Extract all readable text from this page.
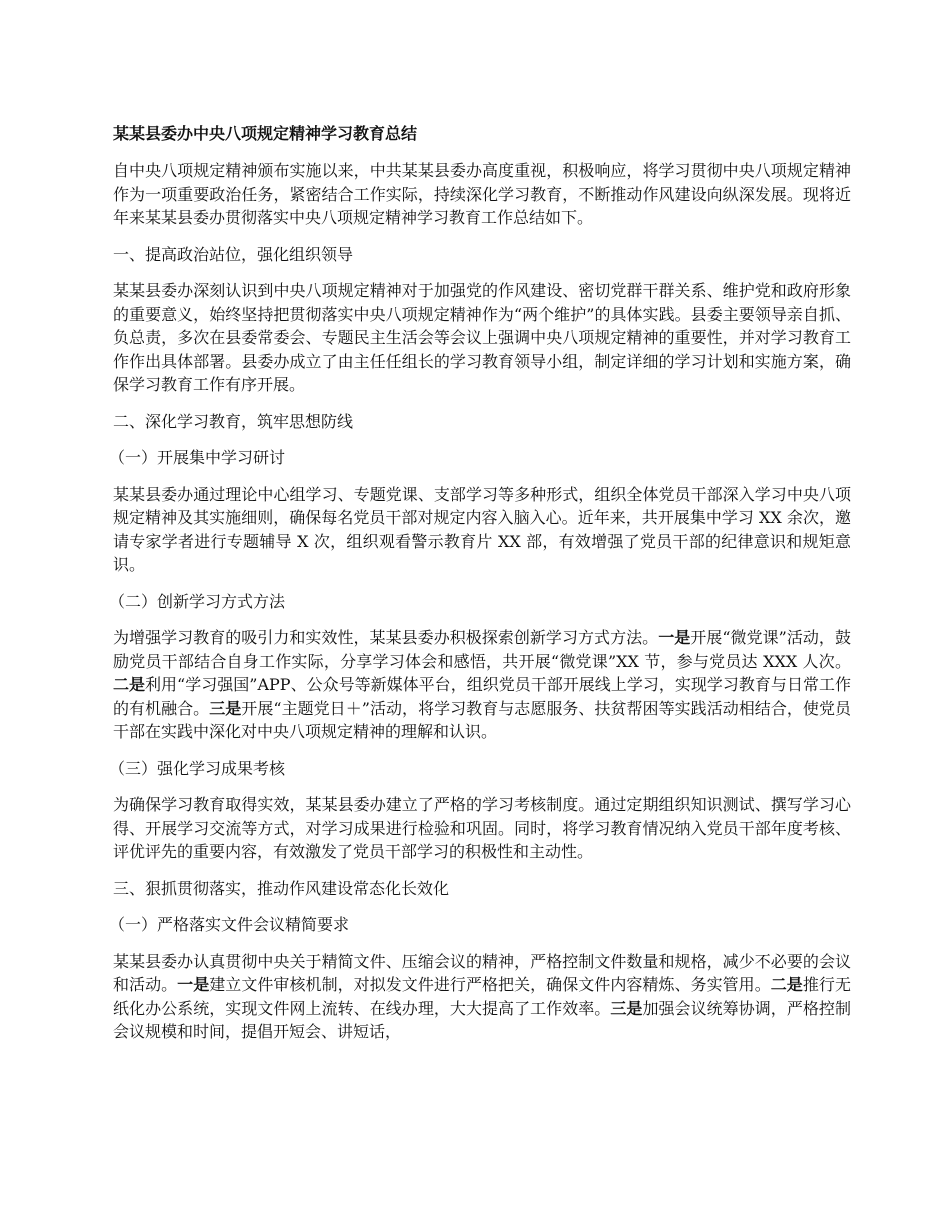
某某县委办中央八项规定精神学习教育总结
自中央八项规定精神颁布实施以来，中共某某县委办高度重视，积极响应，将学习贯彻中央八项规定精神作为一项重要政治任务，紧密结合工作实际，持续深化学习教育，不断推动作风建设向纵深发展。现将近年来某某县委办贯彻落实中央八项规定精神学习教育工作总结如下。
一、提高政治站位，强化组织领导
某某县委办深刻认识到中央八项规定精神对于加强党的作风建设、密切党群干群关系、维护党和政府形象的重要意义，始终坚持把贯彻落实中央八项规定精神作为“两个维护”的具体实践。县委主要领导亲自抓、负总责，多次在县委常委会、专题民主生活会等会议上强调中央八项规定精神的重要性，并对学习教育工作作出具体部署。县委办成立了由主任任组长的学习教育领导小组，制定详细的学习计划和实施方案，确保学习教育工作有序开展。
二、深化学习教育，筑牢思想防线
（一）开展集中学习研讨
某某县委办通过理论中心组学习、专题党课、支部学习等多种形式，组织全体党员干部深入学习中央八项规定精神及其实施细则，确保每名党员干部对规定内容入脑入心。近年来，共开展集中学习 XX 余次，邀请专家学者进行专题辅导 X 次，组织观看警示教育片 XX 部，有效增强了党员干部的纪律意识和规矩意识。
（二）创新学习方式方法
为增强学习教育的吸引力和实效性，某某县委办积极探索创新学习方式方法。一是开展“微党课”活动，鼓励党员干部结合自身工作实际，分享学习体会和感悟，共开展“微党课”XX 节，参与党员达 XXX 人次。二是利用“学习强国”APP、公众号等新媒体平台，组织党员干部开展线上学习，实现学习教育与日常工作的有机融合。三是开展“主题党日＋”活动，将学习教育与志愿服务、扶贫帮困等实践活动相结合，使党员干部在实践中深化对中央八项规定精神的理解和认识。
（三）强化学习成果考核
为确保学习教育取得实效，某某县委办建立了严格的学习考核制度。通过定期组织知识测试、撰写学习心得、开展学习交流等方式，对学习成果进行检验和巩固。同时，将学习教育情况纳入党员干部年度考核、评优评先的重要内容，有效激发了党员干部学习的积极性和主动性。
三、狠抓贯彻落实，推动作风建设常态化长效化
（一）严格落实文件会议精简要求
某某县委办认真贯彻中央关于精简文件、压缩会议的精神，严格控制文件数量和规格，减少不必要的会议和活动。一是建立文件审核机制，对拟发文件进行严格把关，确保文件内容精炼、务实管用。二是推行无纸化办公系统，实现文件网上流转、在线办理，大大提高了工作效率。三是加强会议统筹协调，严格控制会议规模和时间，提倡开短会、讲短话，
